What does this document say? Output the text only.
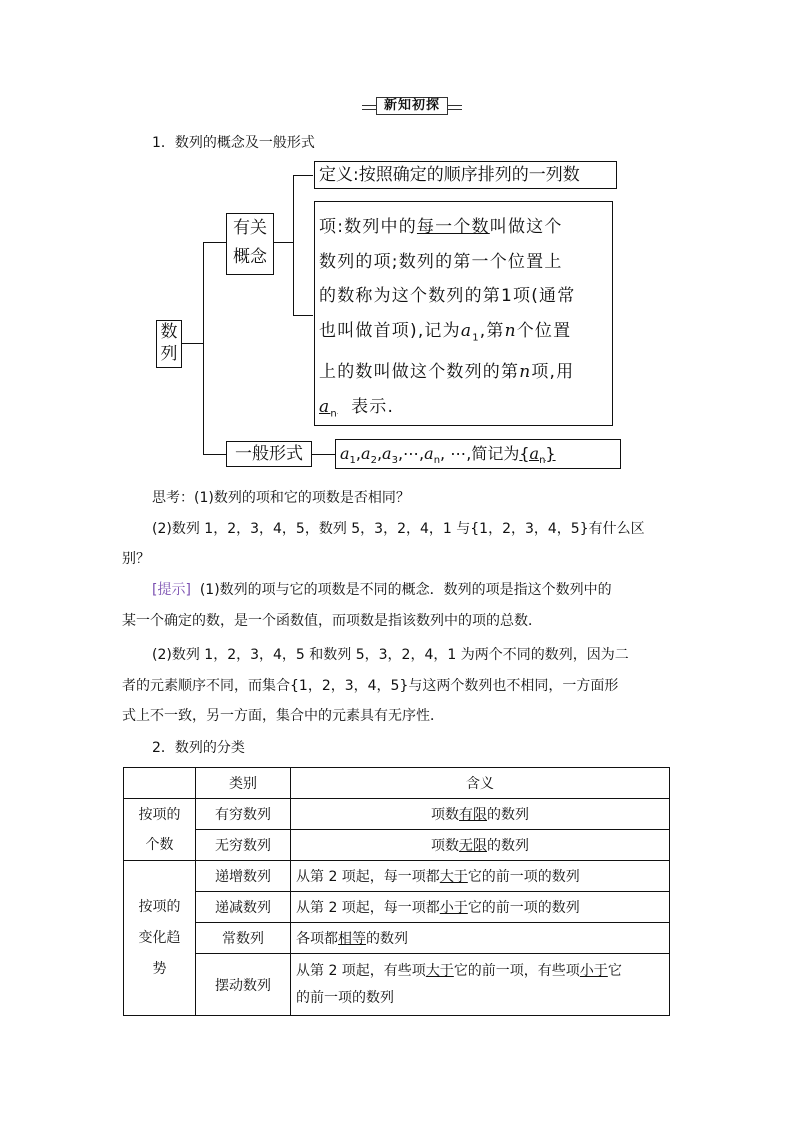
新知初探
1．数列的概念及一般形式
数
列
有关
概念
定义:按照确定的顺序排列的一列数
项:数列中的每一个数叫做这个
数列的项;数列的第一个位置上
的数称为这个数列的第1项(通常
也叫做首项),记为$a_1$,第n个位置
上的数叫做这个数列的第n项,用
$a_n$ 表示.
一般形式	$a_1,a_2,a_3,\cdots,a_n$, ⋯,简记为$\{a_n\}$
思考：(1)数列的项和它的项数是否相同？
(2)数列 1，2，3，4，5，数列 5，3，2，4，1 与{1，2，3，4，5}有什么区
别？
[提示] (1)数列的项与它的项数是不同的概念．数列的项是指这个数列中的
某一个确定的数，是一个函数值，而项数是指该数列中的项的总数．
(2)数列 1，2，3，4，5 和数列 5，3，2，4，1 为两个不同的数列，因为二
者的元素顺序不同，而集合{1，2，3，4，5}与这两个数列也不相同，一方面形
式上不一致，另一方面，集合中的元素具有无序性．
2．数列的分类
	类别	含义

按项的
个数	有穷数列	项数有限的数列
	无穷数列	项数无限的数列

按项的
变化趋
势	递增数列	从第 2 项起，每一项都大于它的前一项的数列
	递减数列	从第 2 项起，每一项都小于它的前一项的数列
	常数列	各项都相等的数列
	摆动数列	从第 2 项起，有些项大于它的前一项，有些项小于它
的前一项的数列
